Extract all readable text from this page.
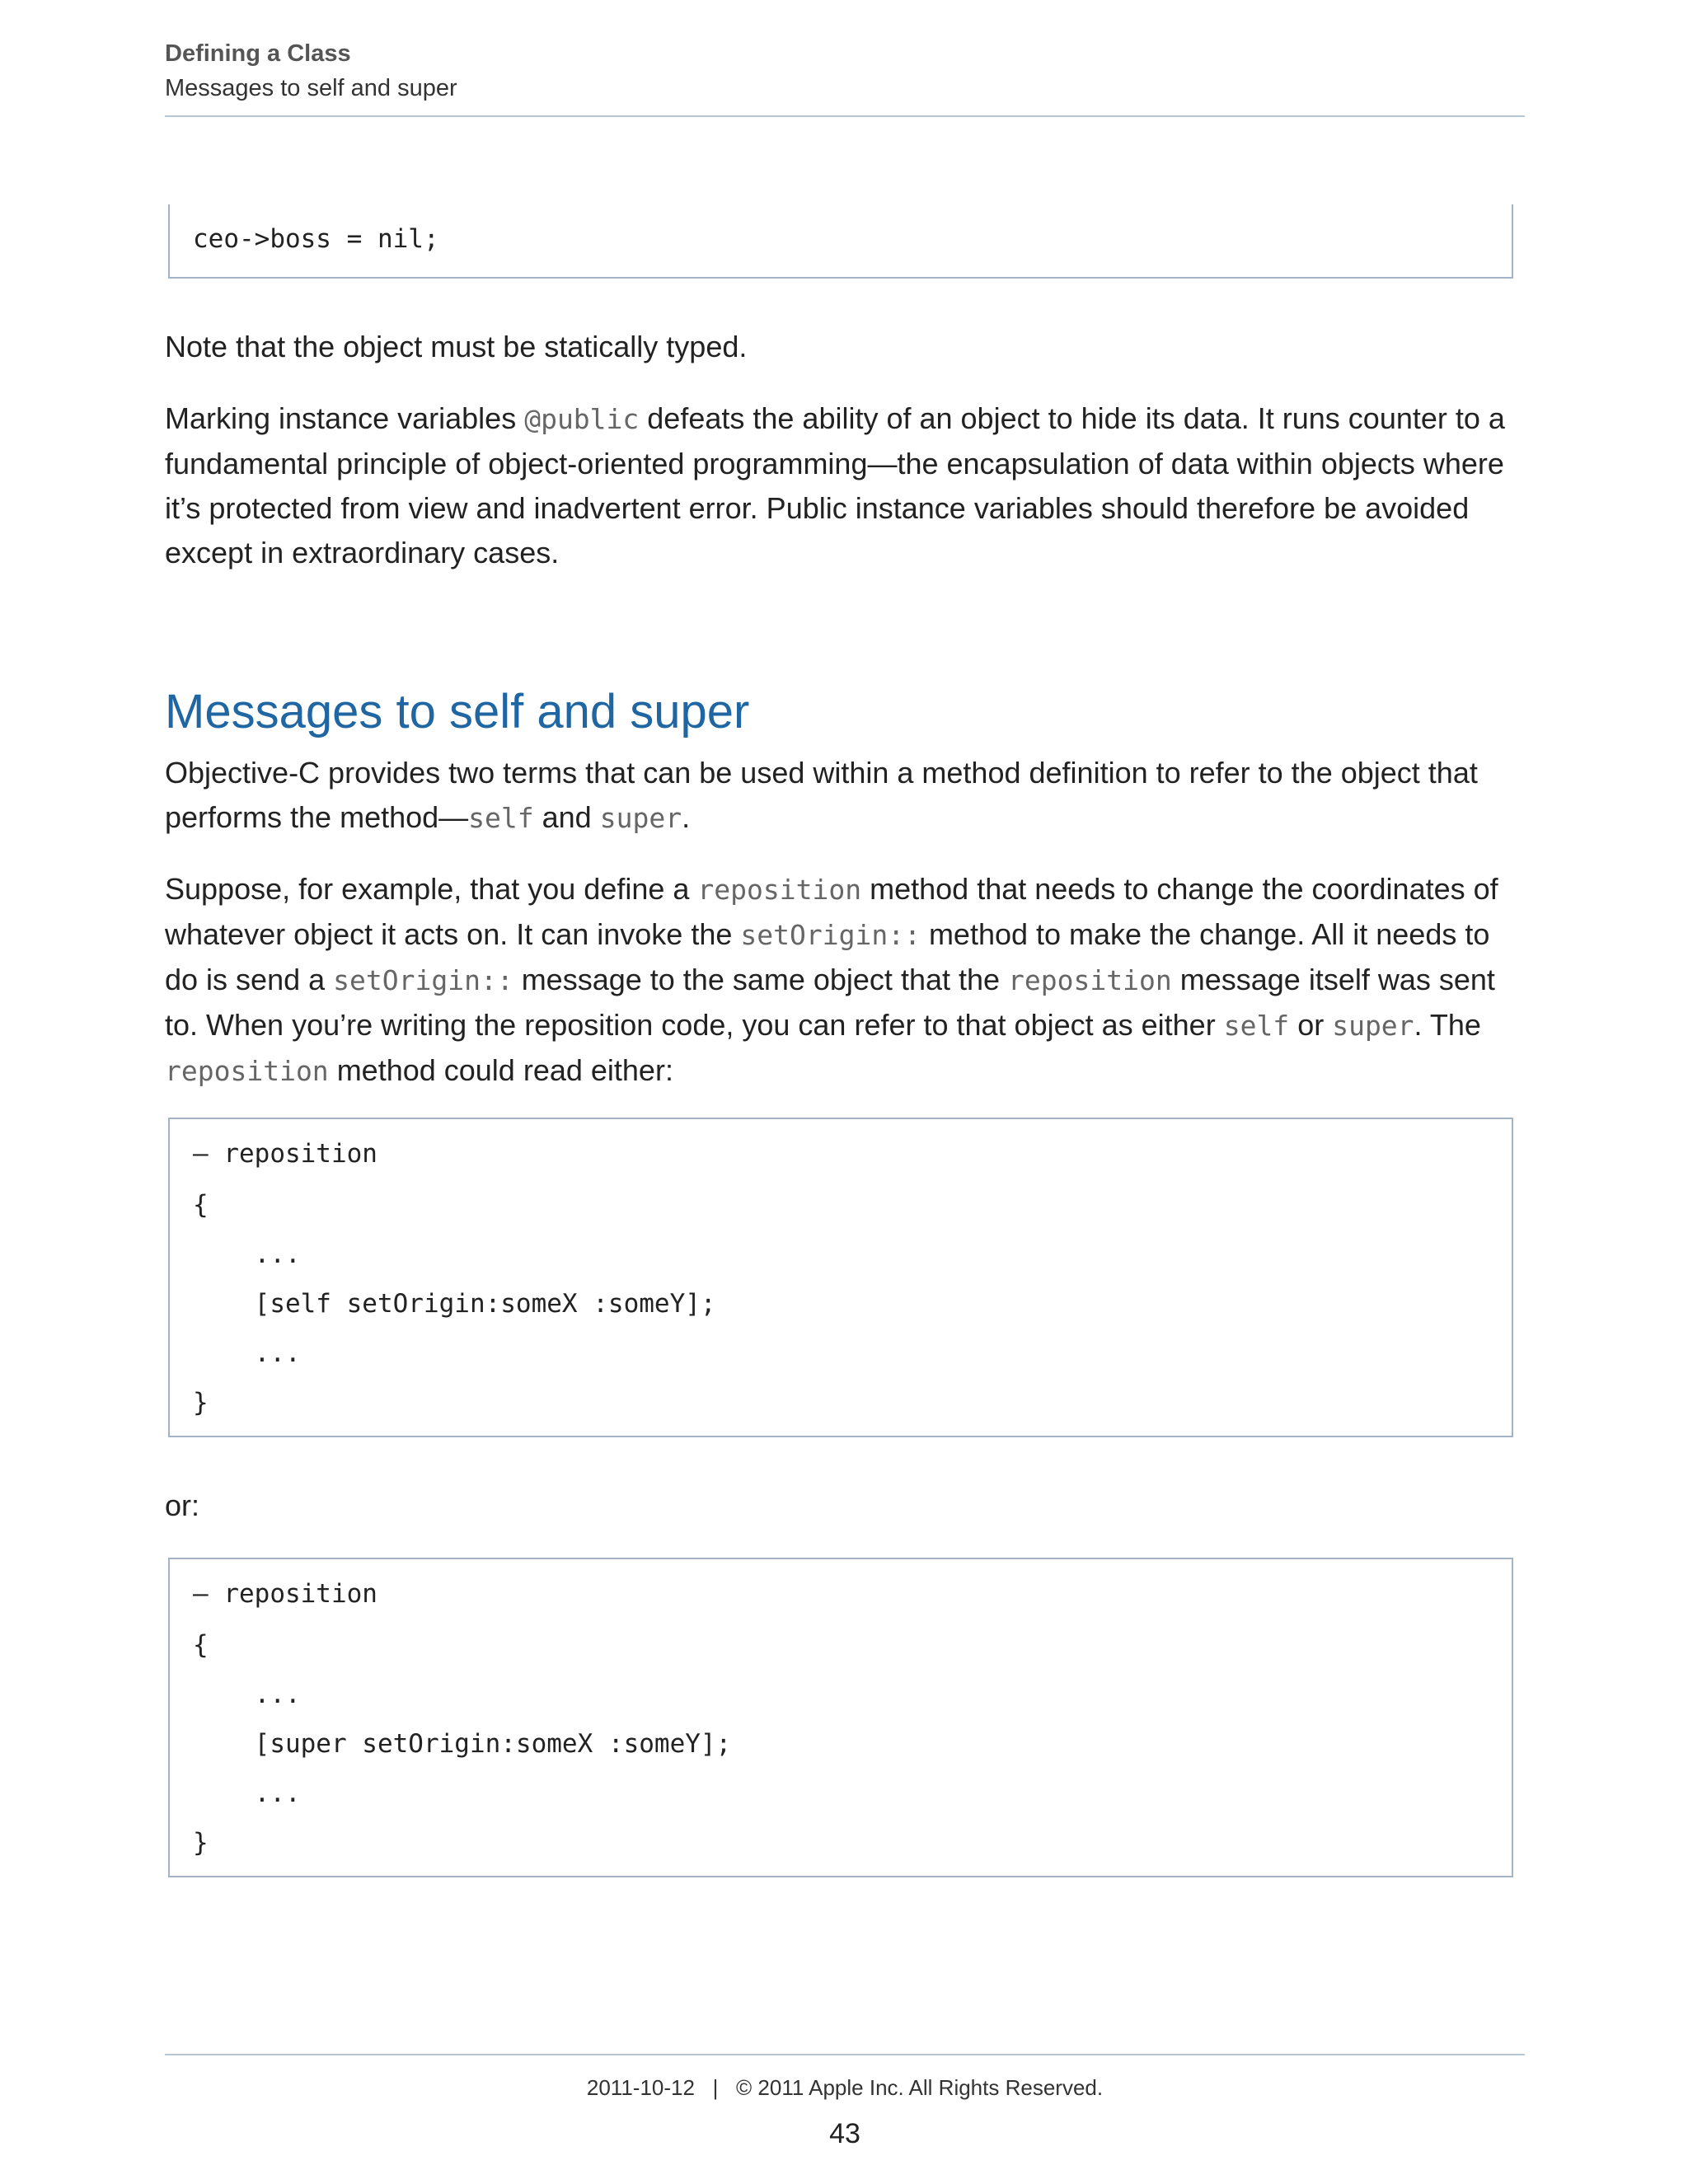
Defining a Class
Messages to self and super
ceo->boss = nil;
Note that the object must be statically typed.
Marking instance variables @public defeats the ability of an object to hide its data. It runs counter to a fundamental principle of object-oriented programming—the encapsulation of data within objects where it’s protected from view and inadvertent error. Public instance variables should therefore be avoided except in extraordinary cases.
Messages to self and super
Objective-C provides two terms that can be used within a method definition to refer to the object that performs the method—self and super.
Suppose, for example, that you define a reposition method that needs to change the coordinates of whatever object it acts on. It can invoke the setOrigin:: method to make the change. All it needs to do is send a setOrigin:: message to the same object that the reposition message itself was sent to. When you’re writing the reposition code, you can refer to that object as either self or super. The reposition method could read either:
– reposition
{
...
[self setOrigin:someX :someY];
...
}
or:
– reposition
{
...
[super setOrigin:someX :someY];
...
}
2011-10-12   |   © 2011 Apple Inc. All Rights Reserved.
43
